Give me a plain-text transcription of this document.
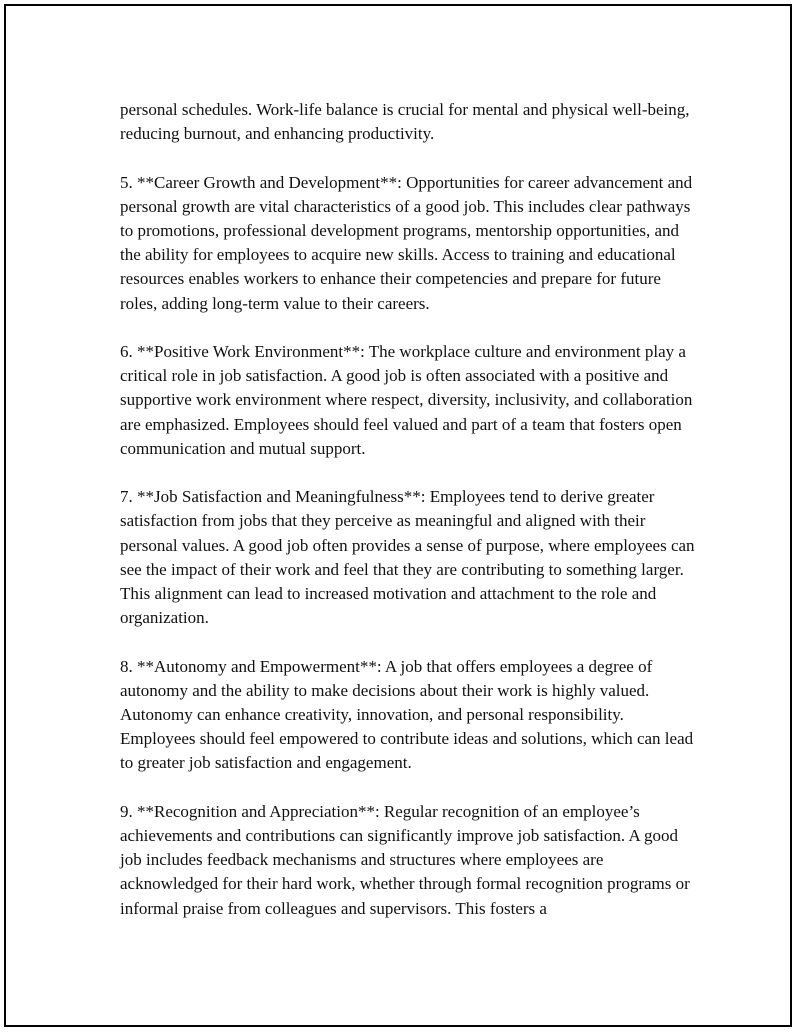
personal schedules. Work-life balance is crucial for mental and physical well-being, reducing burnout, and enhancing productivity.

5. **Career Growth and Development**: Opportunities for career advancement and personal growth are vital characteristics of a good job. This includes clear pathways to promotions, professional development programs, mentorship opportunities, and the ability for employees to acquire new skills. Access to training and educational resources enables workers to enhance their competencies and prepare for future roles, adding long-term value to their careers.

6. **Positive Work Environment**: The workplace culture and environment play a critical role in job satisfaction. A good job is often associated with a positive and supportive work environment where respect, diversity, inclusivity, and collaboration are emphasized. Employees should feel valued and part of a team that fosters open communication and mutual support.

7. **Job Satisfaction and Meaningfulness**: Employees tend to derive greater satisfaction from jobs that they perceive as meaningful and aligned with their personal values. A good job often provides a sense of purpose, where employees can see the impact of their work and feel that they are contributing to something larger. This alignment can lead to increased motivation and attachment to the role and organization.

8. **Autonomy and Empowerment**: A job that offers employees a degree of autonomy and the ability to make decisions about their work is highly valued. Autonomy can enhance creativity, innovation, and personal responsibility. Employees should feel empowered to contribute ideas and solutions, which can lead to greater job satisfaction and engagement.

9. **Recognition and Appreciation**: Regular recognition of an employee’s achievements and contributions can significantly improve job satisfaction. A good job includes feedback mechanisms and structures where employees are acknowledged for their hard work, whether through formal recognition programs or informal praise from colleagues and supervisors. This fosters a
